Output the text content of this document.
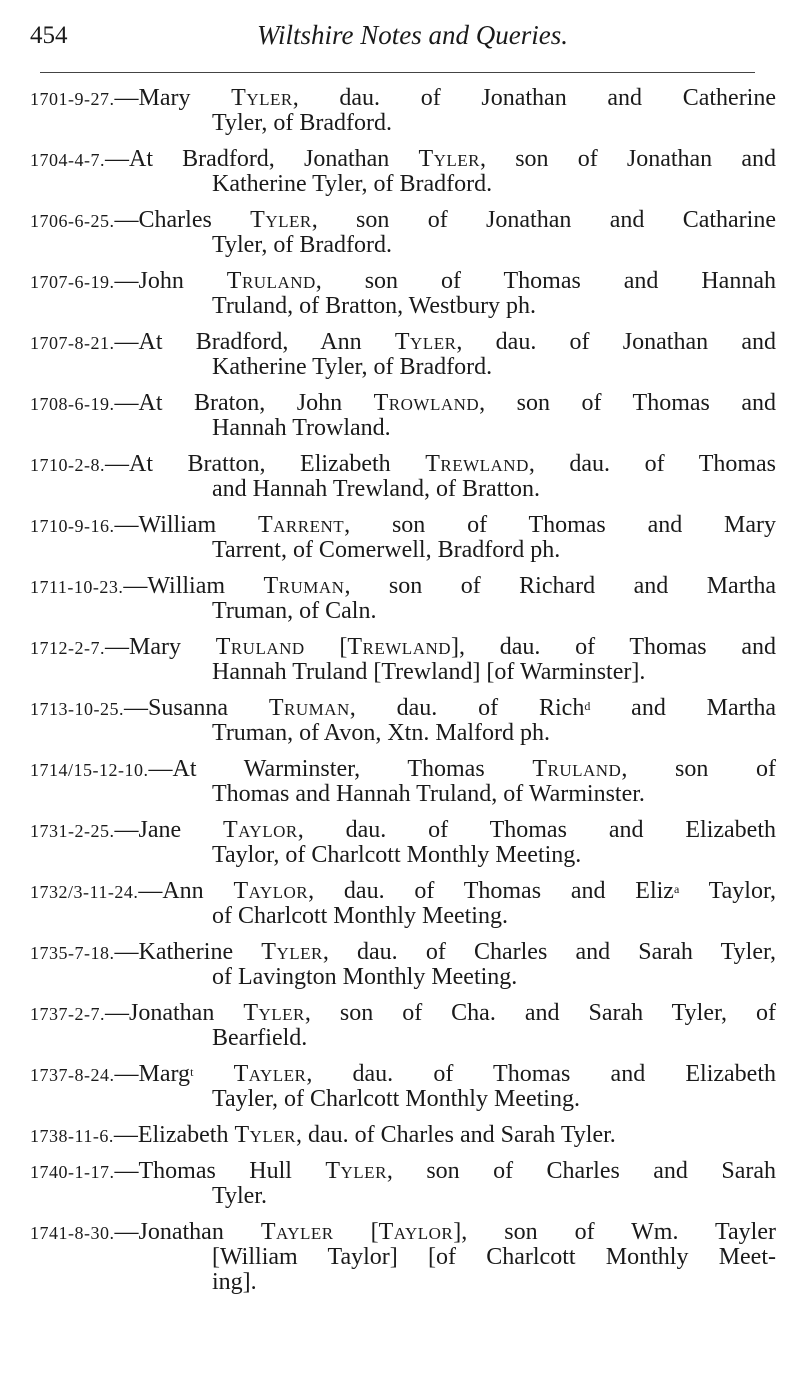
454	Wiltshire Notes and Queries.
1701-9-27.—Mary Tyler, dau. of Jonathan and Catherine
Tyler, of Bradford.
1704-4-7.—At Bradford, Jonathan Tyler, son of Jonathan and
Katherine Tyler, of Bradford.
1706-6-25.—Charles Tyler, son of Jonathan and Catharine
Tyler, of Bradford.
1707-6-19.—John Truland, son of Thomas and Hannah
Truland, of Bratton, Westbury ph.
1707-8-21.—At Bradford, Ann Tyler, dau. of Jonathan and
Katherine Tyler, of Bradford.
1708-6-19.—At Braton, John Trowland, son of Thomas and
Hannah Trowland.
1710-2-8.—At Bratton, Elizabeth Trewland, dau. of Thomas
and Hannah Trewland, of Bratton.
1710-9-16.—William Tarrent, son of Thomas and Mary
Tarrent, of Comerwell, Bradford ph.
1711-10-23.—William Truman, son of Richard and Martha
Truman, of Caln.
1712-2-7.—Mary Truland [Trewland], dau. of Thomas and
Hannah Truland [Trewland] [of Warminster].
1713-10-25.—Susanna Truman, dau. of Rich$^d$ and Martha
Truman, of Avon, Xtn. Malford ph.
1714/15-12-10.—At Warminster, Thomas Truland, son of
Thomas and Hannah Truland, of Warminster.
1731-2-25.—Jane Taylor, dau. of Thomas and Elizabeth
Taylor, of Charlcott Monthly Meeting.
1732/3-11-24.—Ann Taylor, dau. of Thomas and Eliz$^a$ Taylor,
of Charlcott Monthly Meeting.
1735-7-18.—Katherine Tyler, dau. of Charles and Sarah Tyler,
of Lavington Monthly Meeting.
1737-2-7.—Jonathan Tyler, son of Cha. and Sarah Tyler, of
Bearfield.
1737-8-24.—Marg$^t$ Tayler, dau. of Thomas and Elizabeth
Tayler, of Charlcott Monthly Meeting.
1738-11-6.—Elizabeth Tyler, dau. of Charles and Sarah Tyler.
1740-1-17.—Thomas Hull Tyler, son of Charles and Sarah
Tyler.
1741-8-30.—Jonathan Tayler [Taylor], son of Wm. Tayler
[William Taylor] [of Charlcott Monthly Meet-
ing].
